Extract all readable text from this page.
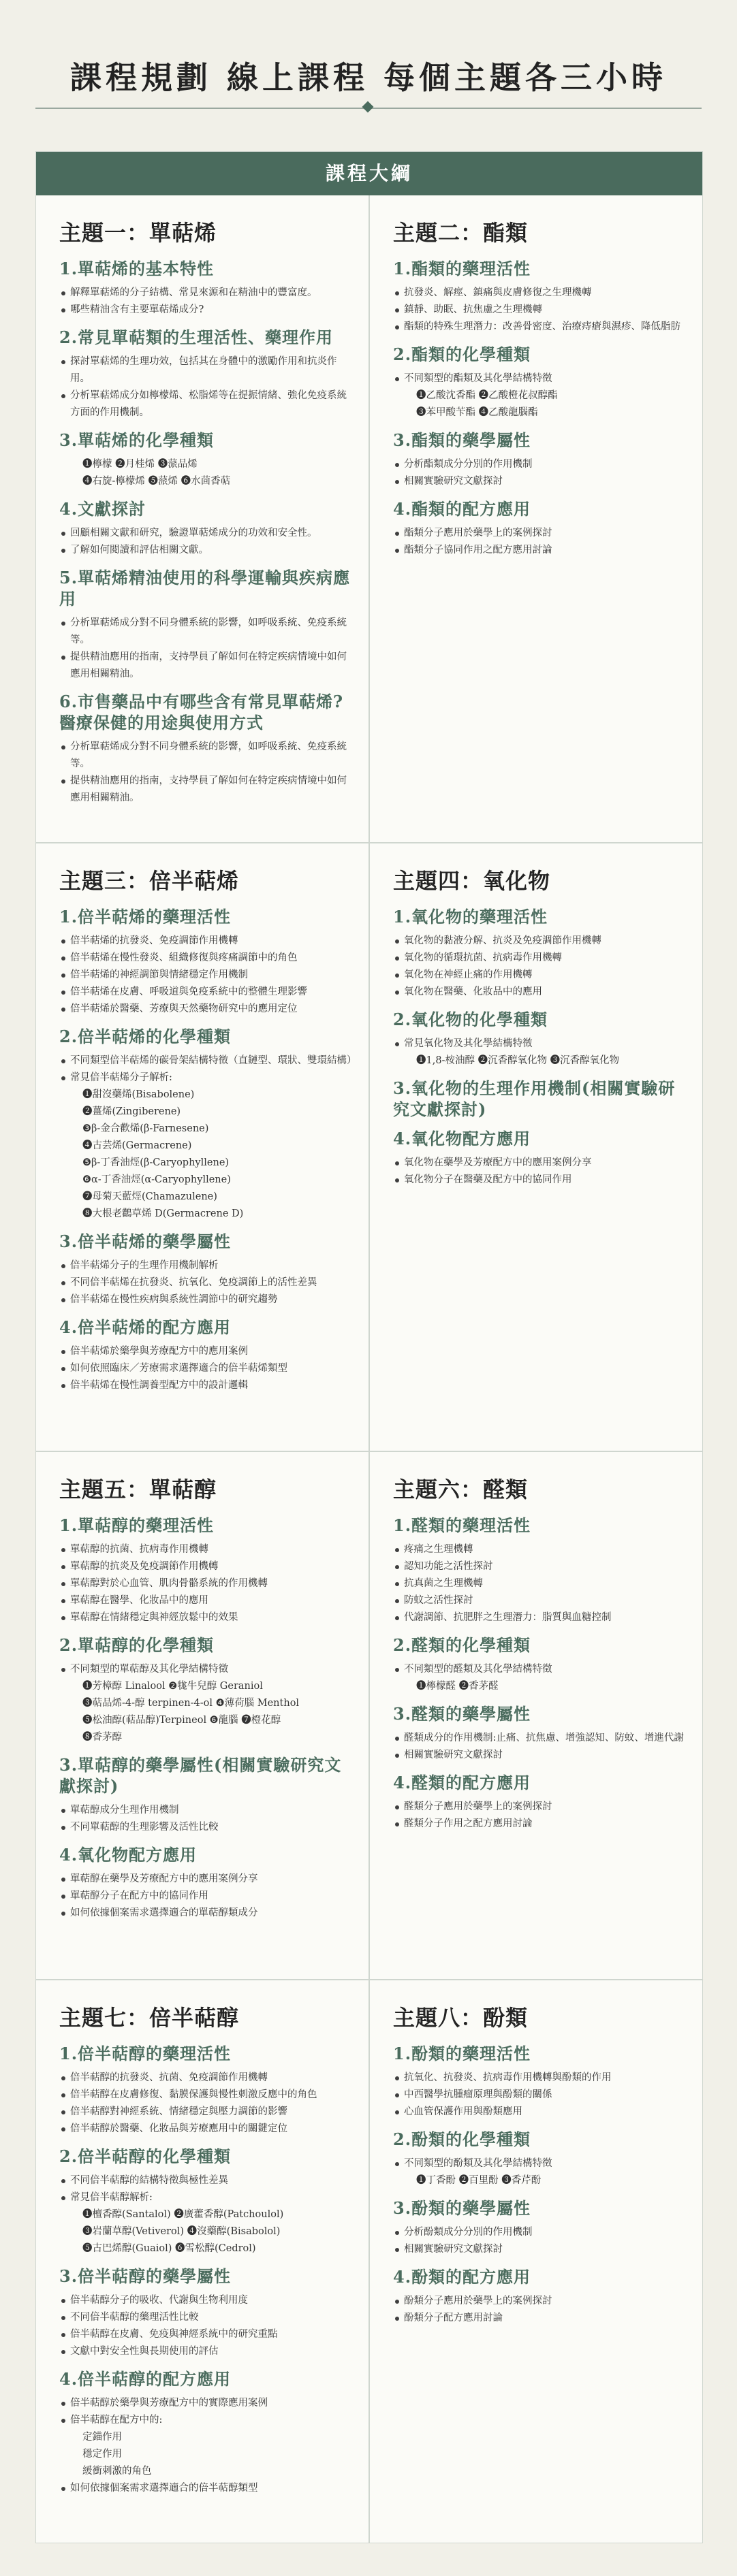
課程規劃 線上課程 每個主題各三小時
課程大綱
主題一：單萜烯
1.單萜烯的基本特性
解釋單萜烯的分子結構、常見來源和在精油中的豐富度。
哪些精油含有主要單萜烯成分?
2.常見單萜類的生理活性、藥理作用
探討單萜烯的生理功效，包括其在身體中的激勵作用和抗炎作用。
分析單萜烯成分如檸檬烯、松脂烯等在提振情緒、強化免疫系統方面的作用機制。
3.單萜烯的化學種類
❶檸檬 ❷月桂烯 ❸蒎品烯
❹右旋-檸檬烯 ❺蒎烯 ❻水茴香萜
4.文獻探討
回顧相關文獻和研究，驗證單萜烯成分的功效和安全性。
了解如何閱讀和評估相關文獻。
5.單萜烯精油使用的科學運輸與疾病應用
分析單萜烯成分對不同身體系統的影響，如呼吸系統、免疫系統等。
提供精油應用的指南，支持學員了解如何在特定疾病情境中如何應用相關精油。
6.市售藥品中有哪些含有常見單萜烯?醫療保健的用途與使用方式
分析單萜烯成分對不同身體系統的影響，如呼吸系統、免疫系統等。
提供精油應用的指南，支持學員了解如何在特定疾病情境中如何應用相關精油。
主題二：酯類
1.酯類的藥理活性
抗發炎、解痙、鎮痛與皮膚修復之生理機轉
鎮靜、助眠、抗焦慮之生理機轉
酯類的特殊生理潛力：改善骨密度、治療痔瘡與濕疹、降低脂肪
2.酯類的化學種類
不同類型的酯類及其化學結構特徵
❶乙酸沈香酯 ❷乙酸橙花叔醇酯
❸苯甲酸苄酯 ❹乙酸龍腦酯
3.酯類的藥學屬性
分析酯類成分分別的作用機制
相關實驗研究文獻探討
4.酯類的配方應用
酯類分子應用於藥學上的案例探討
酯類分子協同作用之配方應用討論
主題三：倍半萜烯
1.倍半萜烯的藥理活性
倍半萜烯的抗發炎、免疫調節作用機轉
倍半萜烯在慢性發炎、組織修復與疼痛調節中的角色
倍半萜烯的神經調節與情緒穩定作用機制
倍半萜烯在皮膚、呼吸道與免疫系統中的整體生理影響
倍半萜烯於醫藥、芳療與天然藥物研究中的應用定位
2.倍半萜烯的化學種類
不同類型倍半萜烯的碳骨架結構特徵（直鏈型、環狀、雙環結構）
常見倍半萜烯分子解析:
❶甜沒藥烯(Bisabolene)
❷薑烯(Zingiberene)
❸β-金合歡烯(β-Farnesene)
❹古芸烯(Germacrene)
❺β-丁香油烴(β-Caryophyllene)
❻α-丁香油烴(α-Caryophyllene)
❼母菊天藍烴(Chamazulene)
❽大根老鸛草烯 D(Germacrene D)
3.倍半萜烯的藥學屬性
倍半萜烯分子的生理作用機制解析
不同倍半萜烯在抗發炎、抗氧化、免疫調節上的活性差異
倍半萜烯在慢性疾病與系統性調節中的研究趨勢
4.倍半萜烯的配方應用
倍半萜烯於藥學與芳療配方中的應用案例
如何依照臨床／芳療需求選擇適合的倍半萜烯類型
倍半萜烯在慢性調養型配方中的設計邏輯
主題四：氧化物
1.氧化物的藥理活性
氧化物的黏液分解、抗炎及免疫調節作用機轉
氧化物的循環抗菌、抗病毒作用機轉
氧化物在神經止痛的作用機轉
氧化物在醫藥、化妝品中的應用
2.氧化物的化學種類
常見氧化物及其化學結構特徵
❶1,8-桉油醇 ❷沉香醇氧化物 ❸沉香醇氧化物
3.氧化物的生理作用機制(相關實驗研究文獻探討)
4.氧化物配方應用
氧化物在藥學及芳療配方中的應用案例分享
氧化物分子在醫藥及配方中的協同作用
主題五：單萜醇
1.單萜醇的藥理活性
單萜醇的抗菌、抗病毒作用機轉
單萜醇的抗炎及免疫調節作用機轉
單萜醇對於心血管、肌肉骨骼系統的作用機轉
單萜醇在醫學、化妝品中的應用
單萜醇在情緒穩定與神經放鬆中的效果
2.單萜醇的化學種類
不同類型的單萜醇及其化學結構特徵
❶芳樟醇 Linalool ❷牻牛兒醇 Geraniol
❸萜品烯-4-醇 terpinen-4-ol ❹薄荷腦 Menthol
❺松油醇(萜品醇)Terpineol ❻龍腦 ❼橙花醇
❽香茅醇
3.單萜醇的藥學屬性(相關實驗研究文獻探討)
單萜醇成分生理作用機制
不同單萜醇的生理影響及活性比較
4.氧化物配方應用
單萜醇在藥學及芳療配方中的應用案例分享
單萜醇分子在配方中的協同作用
如何依據個案需求選擇適合的單萜醇類成分
主題六：醛類
1.醛類的藥理活性
疼痛之生理機轉
認知功能之活性探討
抗真菌之生理機轉
防蚊之活性探討
代謝調節、抗肥胖之生理潛力：脂質與血糖控制
2.醛類的化學種類
不同類型的醛類及其化學結構特徵
❶檸檬醛 ❷香茅醛
3.醛類的藥學屬性
醛類成分的作用機制:止痛、抗焦慮、增強認知、防蚊、增進代謝
相關實驗研究文獻探討
4.醛類的配方應用
醛類分子應用於藥學上的案例探討
醛類分子作用之配方應用討論
主題七：倍半萜醇
1.倍半萜醇的藥理活性
倍半萜醇的抗發炎、抗菌、免疫調節作用機轉
倍半萜醇在皮膚修復、黏膜保護與慢性刺激反應中的角色
倍半萜醇對神經系統、情緒穩定與壓力調節的影響
倍半萜醇於醫藥、化妝品與芳療應用中的關鍵定位
2.倍半萜醇的化學種類
不同倍半萜醇的結構特徵與極性差異
常見倍半萜醇解析:
❶檀香醇(Santalol) ❷廣藿香醇(Patchoulol)
❸岩蘭草醇(Vetiverol) ❹沒藥醇(Bisabolol)
❺古巴烯醇(Guaiol) ❻雪松醇(Cedrol)
3.倍半萜醇的藥學屬性
倍半萜醇分子的吸收、代謝與生物利用度
不同倍半萜醇的藥理活性比較
倍半萜醇在皮膚、免疫與神經系統中的研究重點
文獻中對安全性與長期使用的評估
4.倍半萜醇的配方應用
倍半萜醇於藥學與芳療配方中的實際應用案例
倍半萜醇在配方中的:
定錨作用
穩定作用
緩衝刺激的角色
如何依據個案需求選擇適合的倍半萜醇類型
主題八：酚類
1.酚類的藥理活性
抗氧化、抗發炎、抗病毒作用機轉與酚類的作用
中西醫學抗腫瘤原理與酚類的關係
心血管保護作用與酚類應用
2.酚類的化學種類
不同類型的酚類及其化學結構特徵
❶丁香酚 ❷百里酚 ❸香芹酚
3.酚類的藥學屬性
分析酚類成分分別的作用機制
相關實驗研究文獻探討
4.酚類的配方應用
酚類分子應用於藥學上的案例探討
酚類分子配方應用討論
